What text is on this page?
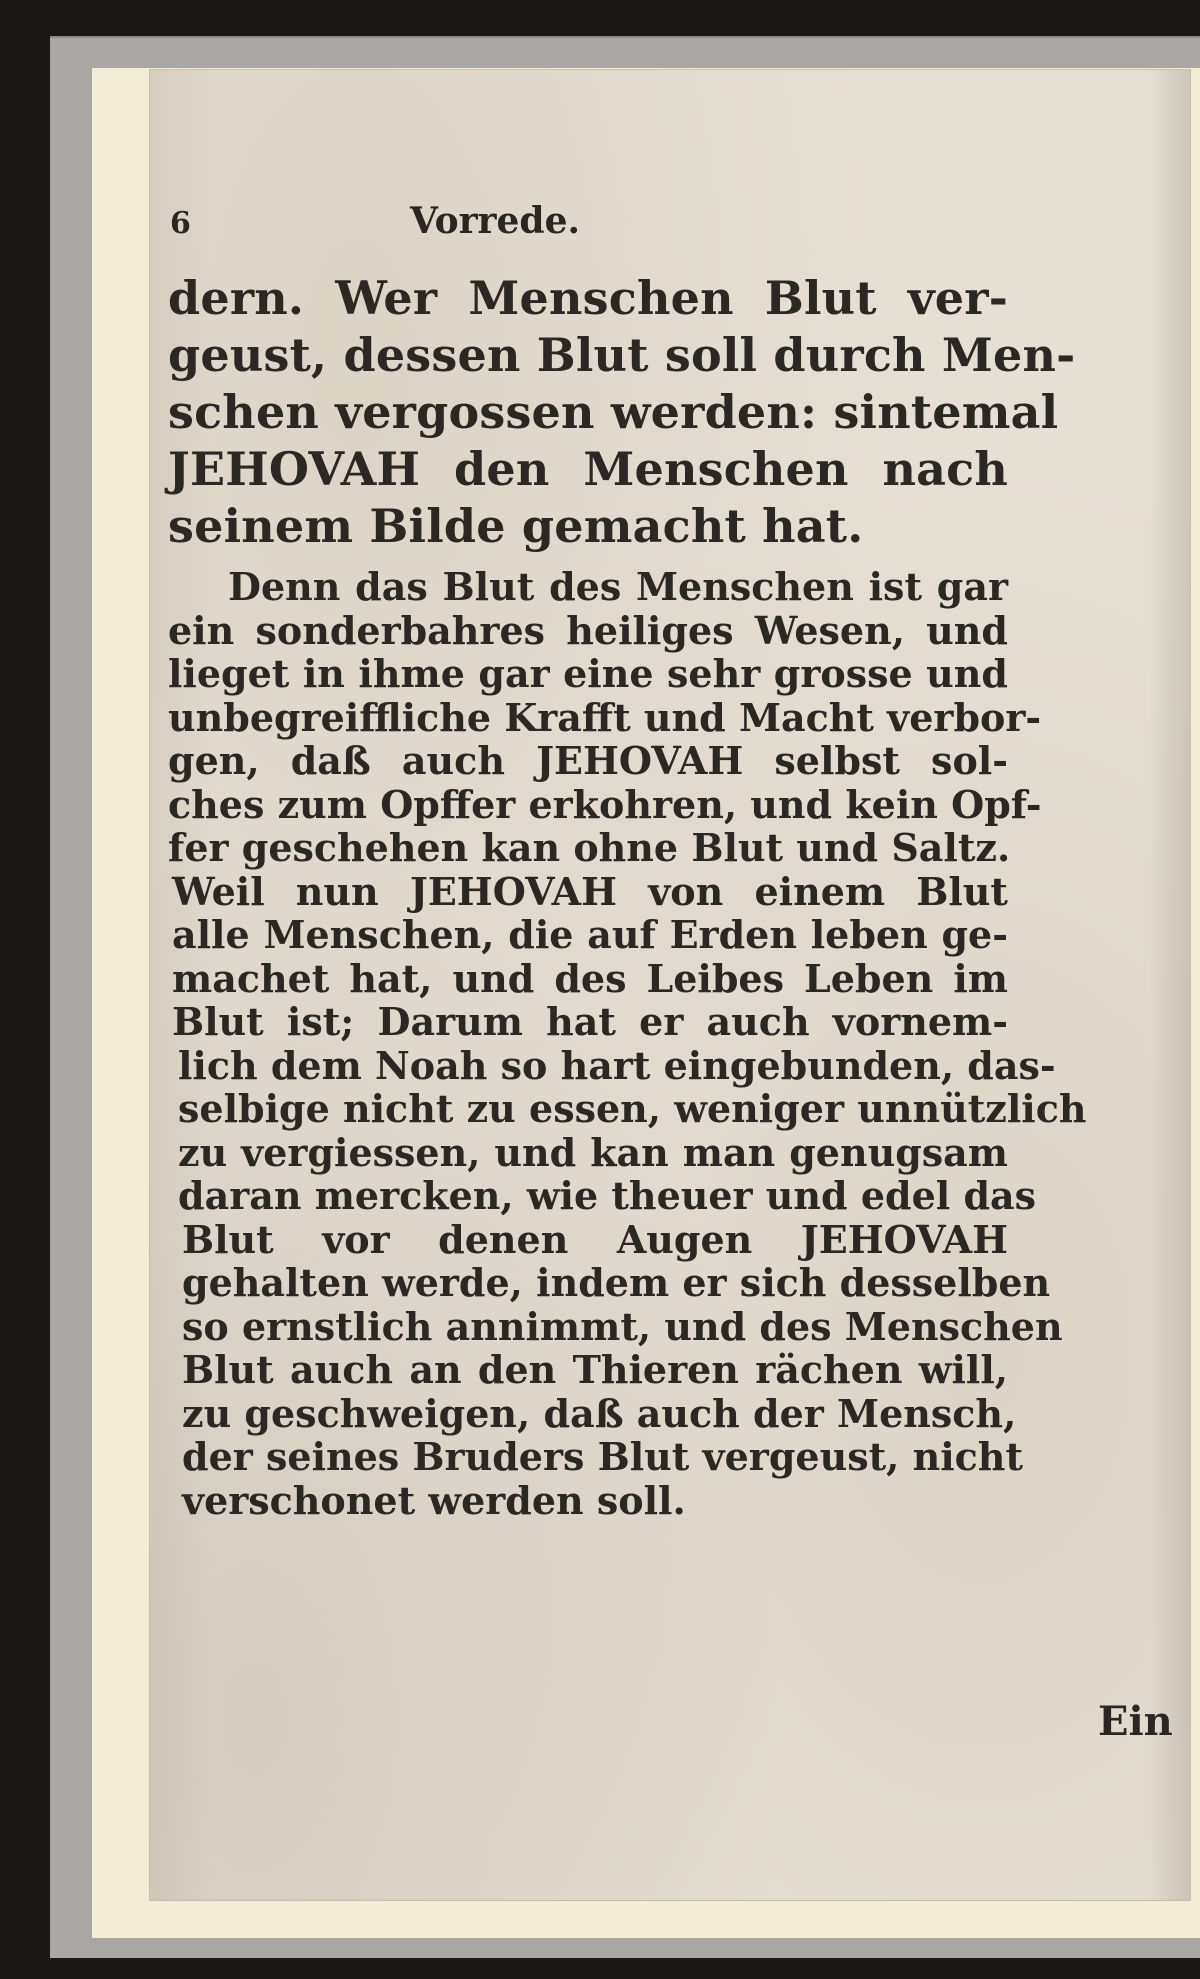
6	Vorrede.

dern. Wer Menschen Blut ver-
geust, dessen Blut soll durch Men-
schen vergossen werden: sintemal
JEHOVAH den Menschen nach
seinem Bilde gemacht hat.

Denn das Blut des Menschen ist gar
ein sonderbahres heiliges Wesen, und
lieget in ihme gar eine sehr grosse und
unbegreiffliche Krafft und Macht verbor-
gen, daß auch JEHOVAH selbst sol-
ches zum Opffer erkohren, und kein Opf-
fer geschehen kan ohne Blut und Saltz.
Weil nun JEHOVAH von einem Blut
alle Menschen, die auf Erden leben ge-
machet hat, und des Leibes Leben im
Blut ist; Darum hat er auch vornem-
lich dem Noah so hart eingebunden, das-
selbige nicht zu essen, weniger unnützlich
zu vergiessen, und kan man genugsam
daran mercken, wie theuer und edel das
Blut vor denen Augen JEHOVAH
gehalten werde, indem er sich desselben
so ernstlich annimmt, und des Menschen
Blut auch an den Thieren rächen will,
zu geschweigen, daß auch der Mensch,
der seines Bruders Blut vergeust, nicht
verschonet werden soll.

Ein
